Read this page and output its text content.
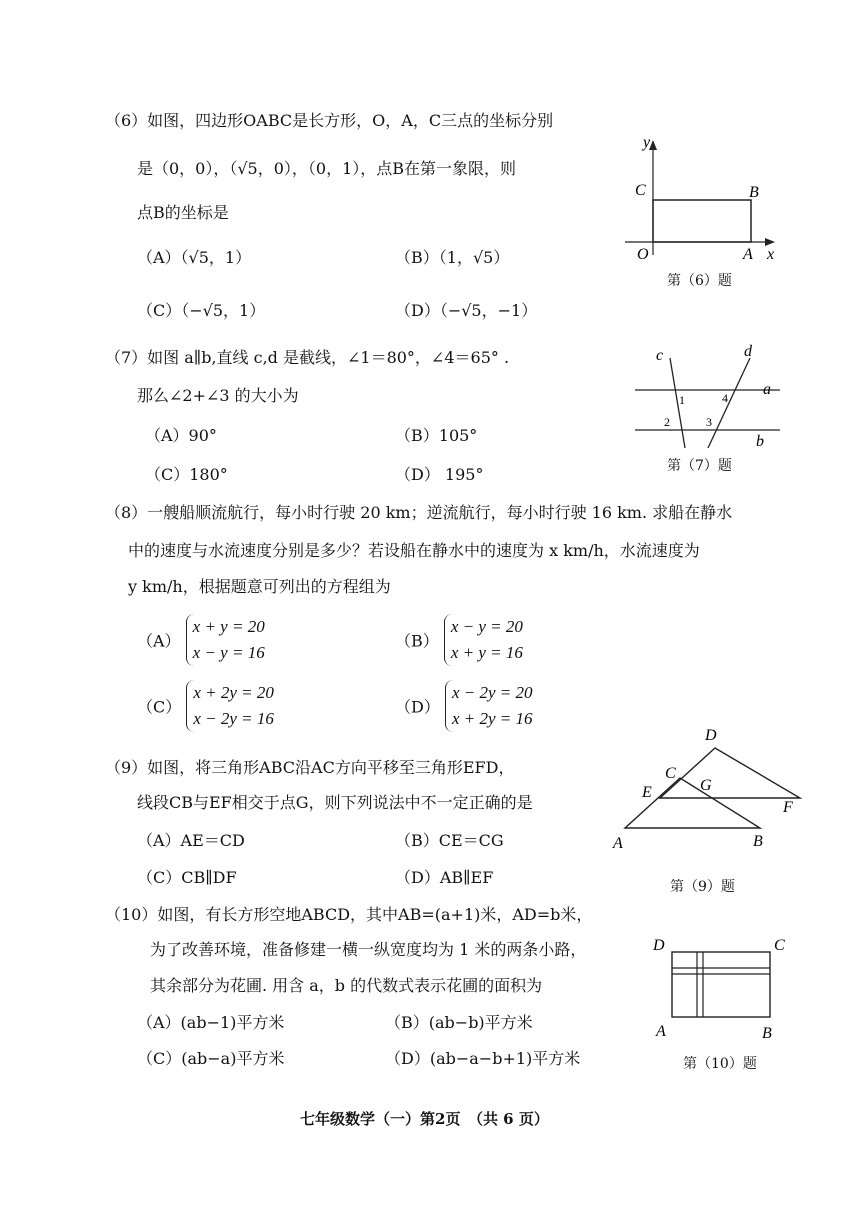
（6）如图，四边形OABC是长方形，O，A，C三点的坐标分别
是（0，0），（√5，0），（0，1），点B在第一象限，则
点B的坐标是
（A）（√5，1）	（B）（1，√5）
（C）（−√5，1）	（D）（−√5，−1）
y
x
C	B
O	A
第（6）题
（7）如图 a∥b,直线 c,d 是截线，∠1＝80°，∠4＝65° .
那么∠2+∠3 的大小为
（A）90°	（B）105°
（C）180°	（D） 195°
c	d
a
b
1
2	3
4
第（7）题
（8）一艘船顺流航行，每小时行驶 20 km；逆流航行，每小时行驶 16 km. 求船在静水
中的速度与水流速度分别是多少？若设船在静水中的速度为 x km/h，水流速度为
y km/h，根据题意可列出的方程组为
（A） x + y = 20
x − y = 16
（B） x − y = 20
x + y = 16
（C） x + 2y = 20
x − 2y = 16
（D） x − 2y = 20
x + 2y = 16
（9）如图，将三角形ABC沿AC方向平移至三角形EFD，
线段CB与EF相交于点G，则下列说法中不一定正确的是
（A）AE＝CD	（B）CE＝CG
（C）CB∥DF	（D）AB∥EF
D
C
G
E
F
A	B
第（9）题
（10）如图，有长方形空地ABCD，其中AB=(a+1)米，AD=b米，
为了改善环境，准备修建一横一纵宽度均为 1 米的两条小路，
其余部分为花圃. 用含 a，b 的代数式表示花圃的面积为
（A）(ab−1)平方米	（B）(ab−b)平方米
（C）(ab−a)平方米	（D）(ab−a−b+1)平方米
D	C
A	B
第（10）题
七年级数学（一）第2页　（共 6 页）
